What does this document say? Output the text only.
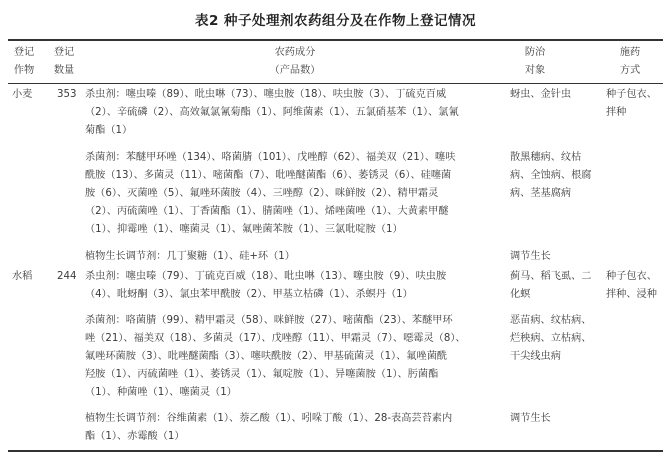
表2 种子处理剂农药组分及在作物上登记情况
登记
作物
登记
数量
农药成分
（产品数）
防治
对象
施药
方式
小麦 353 杀虫剂：噻虫嗪（89）、吡虫啉（73）、噻虫胺（18）、呋虫胺（3）、丁硫克百威
（2）、辛硫磷（2）、高效氟氯氰菊酯（1）、阿维菌素（1）、五氯硝基苯（1）、氯氰
菊酯（1）
蚜虫、金针虫	种子包衣、
拌种
杀菌剂：苯醚甲环唑（134）、咯菌腈（101）、戊唑醇（62）、福美双（21）、噻呋
酰胺（13）、多菌灵（11）、嘧菌酯（7）、吡唑醚菌酯（6）、萎锈灵（6）、硅噻菌
胺（6）、灭菌唑（5）、氟唑环菌胺（4）、三唑醇（2）、咪鲜胺（2）、精甲霜灵
（2）、丙硫菌唑（1）、丁香菌酯（1）、腈菌唑（1）、烯唑菌唑（1）、大黄素甲醚
（1）、抑霉唑（1）、噻菌灵（1）、氟唑菌苯胺（1）、三氯吡啶胺（1）
散黑穗病、纹枯
病、全蚀病、根腐
病、茎基腐病
植物生长调节剂：几丁聚糖（1）、硅+环（1）	调节生长
水稻 244 杀虫剂：噻虫嗪（79）、丁硫克百威（18）、吡虫啉（13）、噻虫胺（9）、呋虫胺
（4）、吡蚜酮（3）、氯虫苯甲酰胺（2）、甲基立枯磷（1）、杀螟丹（1）
蓟马、稻飞虱、二
化螟
种子包衣、
拌种、浸种
杀菌剂：咯菌腈（99）、精甲霜灵（58）、咪鲜胺（27）、嘧菌酯（23）、苯醚甲环
唑（21）、福美双（18）、多菌灵（17）、戊唑醇（11）、甲霜灵（7）、噁霉灵（8）、
氟唑环菌胺（3）、吡唑醚菌酯（3）、噻呋酰胺（2）、甲基硫菌灵（1）、氟唑菌酰
羟胺（1）、丙硫菌唑（1）、萎锈灵（1）、氟啶胺（1）、异噻菌胺（1）、肟菌酯
（1）、种菌唑（1）、噻菌灵（1）
恶苗病、纹枯病、
烂秧病、立枯病、
干尖线虫病
植物生长调节剂：谷维菌素（1）、萘乙酸（1）、吲哚丁酸（1）、28-表高芸苔素内
酯（1）、赤霉酸（1）
调节生长
